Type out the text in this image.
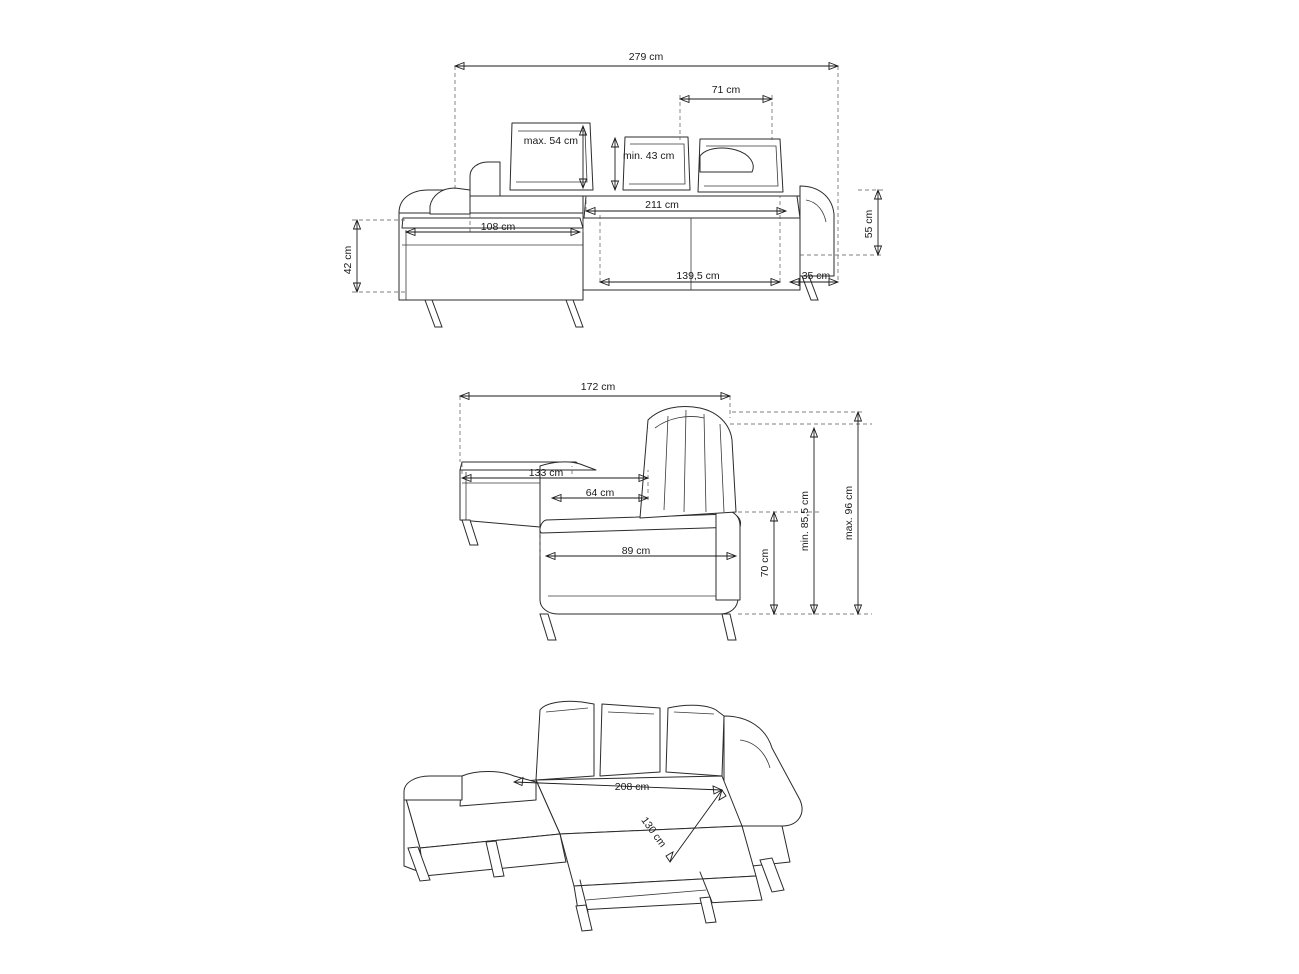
279 cm
71 cm
max. 54 cm
min. 43 cm
211 cm
108 cm
42 cm
139,5 cm	35 cm
55 cm
172 cm
133 cm
64 cm
89 cm	70 cm
min. 85,5 cm	max. 96 cm
208 cm
130 cm
